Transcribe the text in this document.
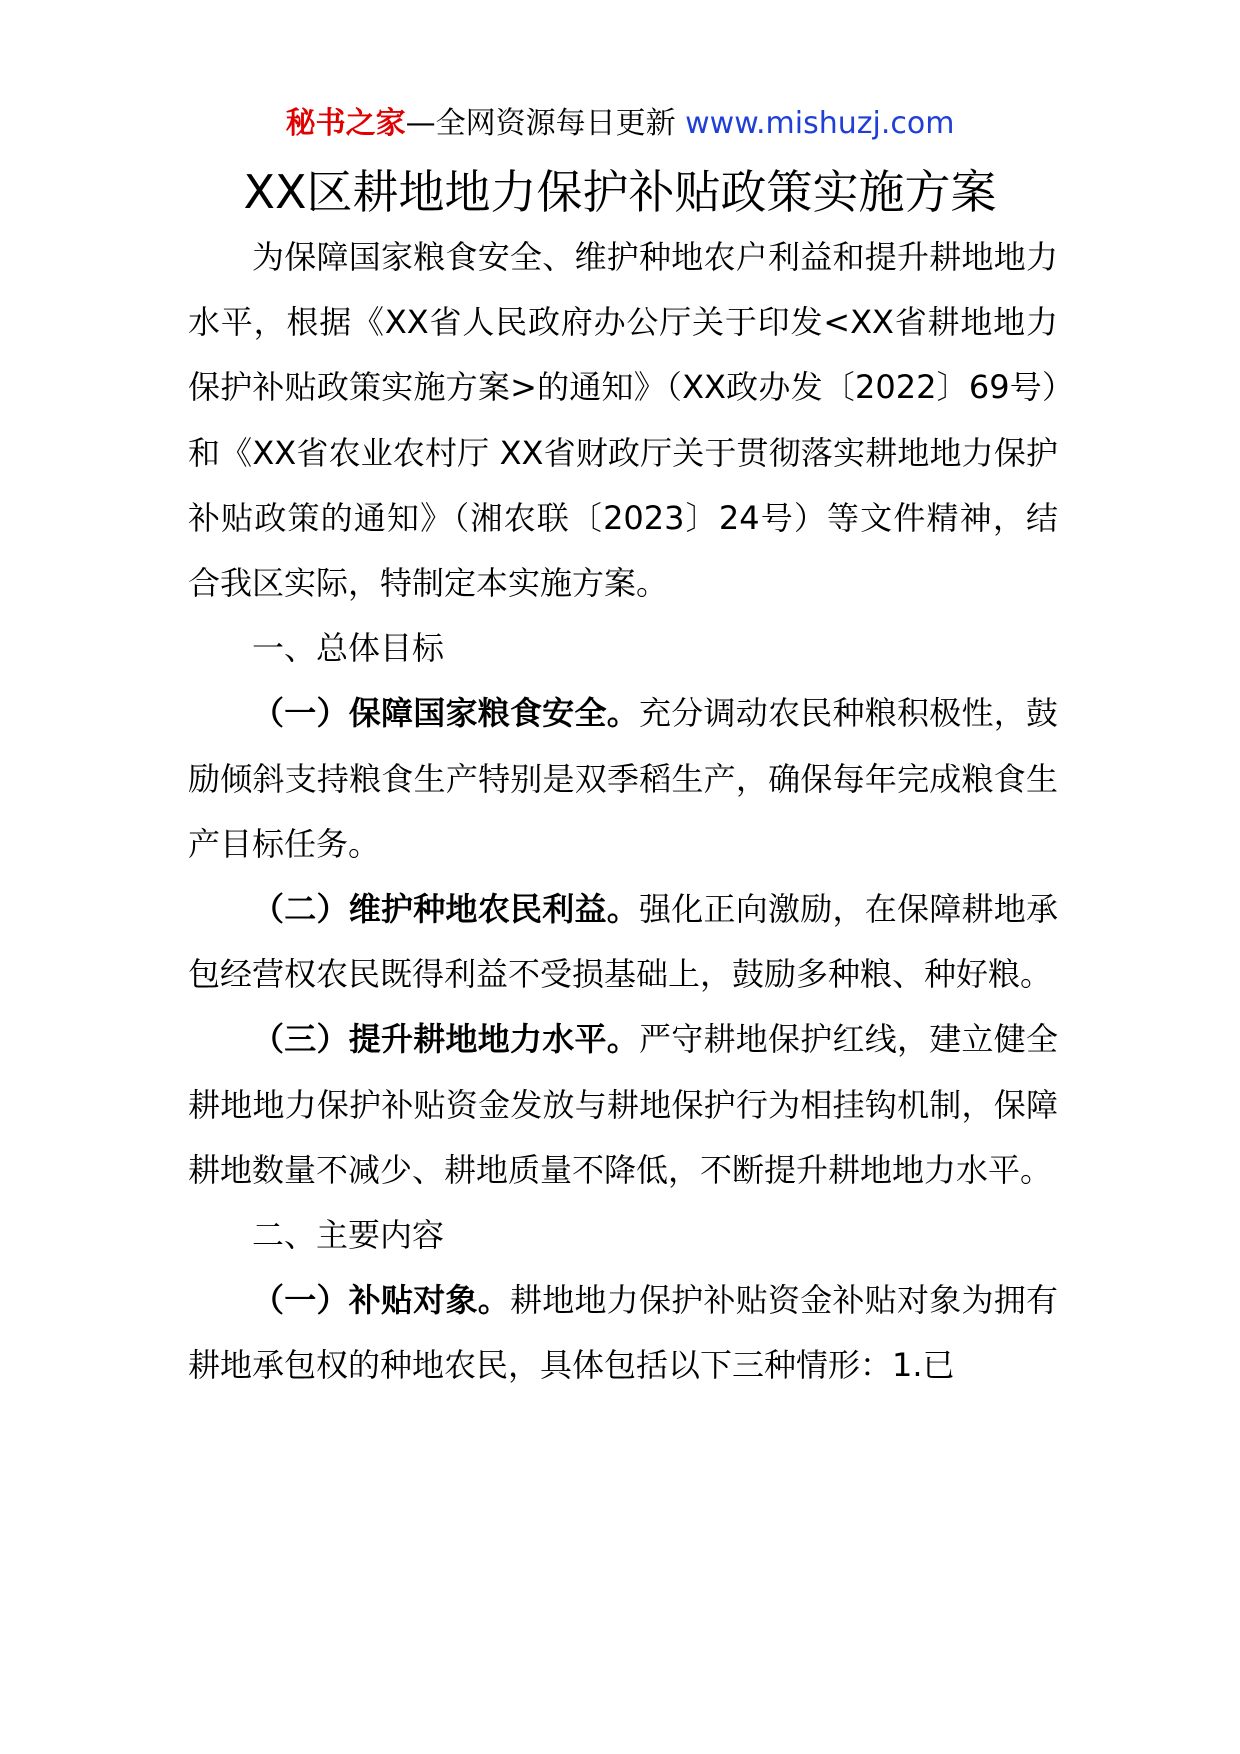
秘书之家—全网资源每日更新 www.mishuzj.com
XX区耕地地力保护补贴政策实施方案

为保障国家粮食安全、维护种地农户利益和提升耕地地力水平，根据《XX省人民政府办公厅关于印发<XX省耕地地力保护补贴政策实施方案>的通知》（XX政办发〔2022〕69号）和《XX省农业农村厅 XX省财政厅关于贯彻落实耕地地力保护补贴政策的通知》（湘农联〔2023〕24号）等文件精神，结合我区实际，特制定本实施方案。

一、总体目标

（一）保障国家粮食安全。充分调动农民种粮积极性，鼓励倾斜支持粮食生产特别是双季稻生产，确保每年完成粮食生产目标任务。

（二）维护种地农民利益。强化正向激励，在保障耕地承包经营权农民既得利益不受损基础上，鼓励多种粮、种好粮。

（三）提升耕地地力水平。严守耕地保护红线，建立健全耕地地力保护补贴资金发放与耕地保护行为相挂钩机制，保障耕地数量不减少、耕地质量不降低，不断提升耕地地力水平。

二、主要内容

（一）补贴对象。耕地地力保护补贴资金补贴对象为拥有耕地承包权的种地农民，具体包括以下三种情形：1.已
